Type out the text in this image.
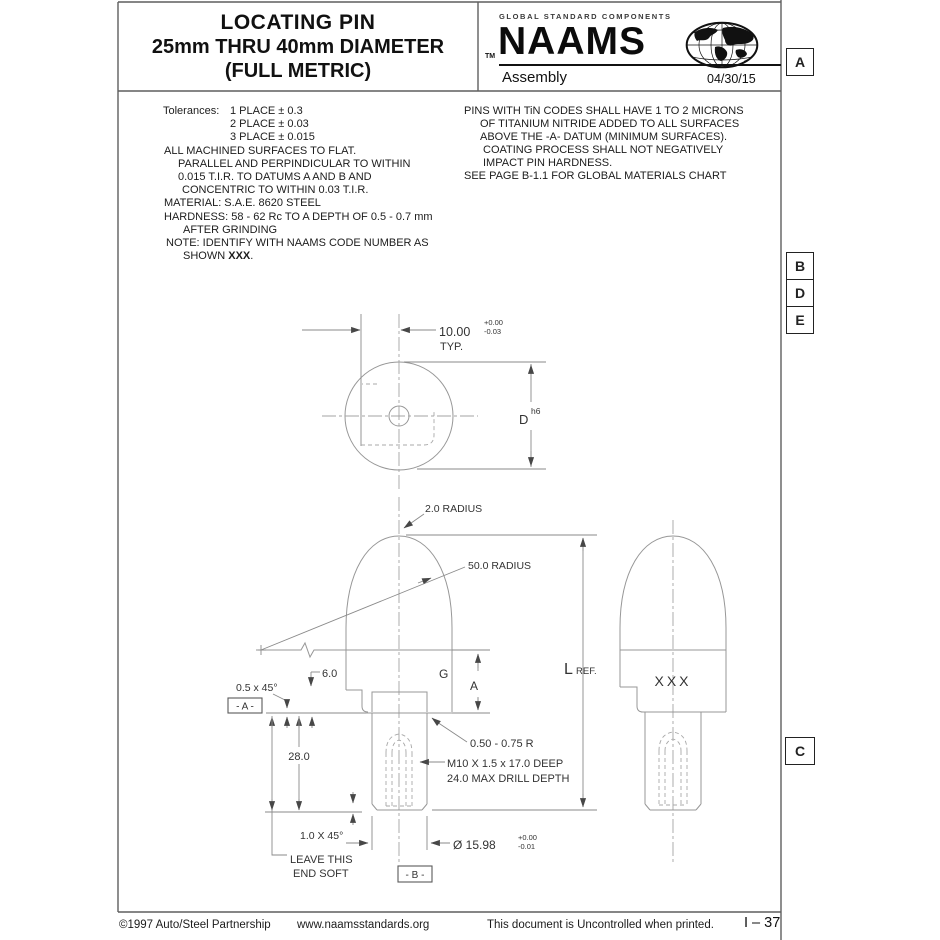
10.00
+0.00
-0.03
TYP.
D
h6
2.0 RADIUS
50.0 RADIUS
6.0
0.5 x 45°
- A -
G
A
L REF.
28.0
LEAVE THIS
END SOFT
0.50 - 0.75 R
M10 X 1.5 x 17.0 DEEP
24.0 MAX DRILL DEPTH
1.0 X 45°
Ø 15.98
+0.00
-0.01
- B -
XXX
LOCATING PIN
25mm THRU 40mm DIAMETER
(FULL METRIC)
GLOBAL STANDARD COMPONENTS
TM NAAMS
Assembly	04/30/15
A
B
D
E
C
Tolerances: 1 PLACE ± 0.3
2 PLACE ± 0.03
3 PLACE ± 0.015
ALL MACHINED SURFACES TO FLAT.
PARALLEL AND PERPINDICULAR TO WITHIN
0.015 T.I.R. TO DATUMS A AND B AND
CONCENTRIC TO WITHIN 0.03 T.I.R.
MATERIAL: S.A.E. 8620 STEEL
HARDNESS: 58 - 62 Rc TO A DEPTH OF 0.5 - 0.7 mm
AFTER GRINDING
NOTE: IDENTIFY WITH NAAMS CODE NUMBER AS
SHOWN XXX.
PINS WITH TiN CODES SHALL HAVE 1 TO 2 MICRONS
OF TITANIUM NITRIDE ADDED TO ALL SURFACES
ABOVE THE -A- DATUM (MINIMUM SURFACES).
COATING PROCESS SHALL NOT NEGATIVELY
IMPACT PIN HARDNESS.
SEE PAGE B-1.1 FOR GLOBAL MATERIALS CHART
©1997 Auto/Steel Partnership www.naamsstandards.org	This document is Uncontrolled when printed. I – 37
